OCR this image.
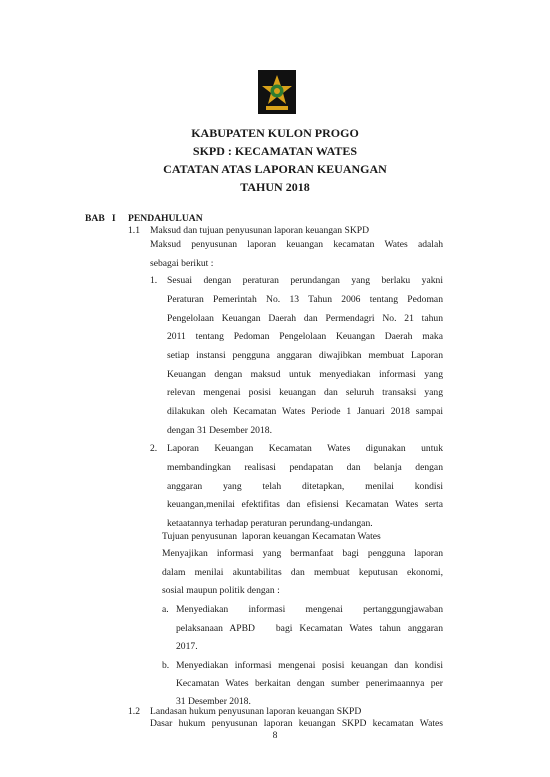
KABUPATEN KULON PROGO
SKPD : KECAMATAN WATES
CATATAN ATAS LAPORAN KEUANGAN
TAHUN 2018
BAB   I PENDAHULUAN
1.1 Maksud dan tujuan penyusunan laporan keuangan SKPD
Maksud penyusunan laporan keuangan kecamatan Wates adalah
sebagai berikut :
1. Sesuai dengan peraturan perundangan yang berlaku yakni
Peraturan Pemerintah No. 13 Tahun 2006 tentang Pedoman
Pengelolaan Keuangan Daerah dan Permendagri No. 21 tahun
2011 tentang Pedoman Pengelolaan Keuangan Daerah maka
setiap instansi pengguna anggaran diwajibkan membuat Laporan
Keuangan dengan maksud untuk menyediakan informasi yang
relevan mengenai posisi keuangan dan seluruh transaksi yang
dilakukan oleh Kecamatan Wates Periode 1 Januari 2018 sampai
dengan 31 Desember 2018.
2. Laporan Keuangan Kecamatan Wates digunakan untuk
membandingkan realisasi pendapatan dan belanja dengan
anggaran yang telah ditetapkan, menilai kondisi
keuangan,menilai efektifitas dan efisiensi Kecamatan Wates serta
ketaatannya terhadap peraturan perundang-undangan.
Tujuan penyusunan  laporan keuangan Kecamatan Wates
Menyajikan informasi yang bermanfaat bagi pengguna laporan
dalam menilai akuntabilitas dan membuat keputusan ekonomi,
sosial maupun politik dengan :
a. Menyediakan informasi mengenai pertanggungjawaban
pelaksanaan APBD   bagi Kecamatan Wates tahun anggaran
2017.
b. Menyediakan informasi mengenai posisi keuangan dan kondisi
Kecamatan Wates berkaitan dengan sumber penerimaannya per
31 Desember 2018.
1.2 Landasan hukum penyusunan laporan keuangan SKPD
Dasar hukum penyusunan laporan keuangan SKPD kecamatan Wates
8
